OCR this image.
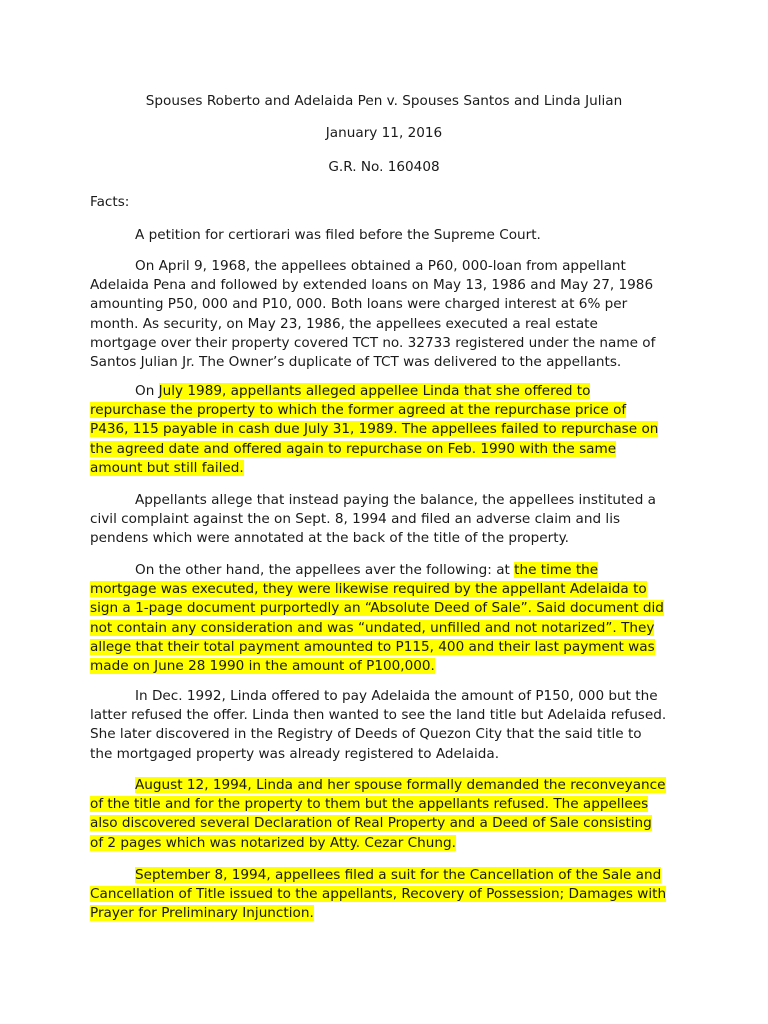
Spouses Roberto and Adelaida Pen v. Spouses Santos and Linda Julian
January 11, 2016
G.R. No. 160408
Facts:
A petition for certiorari was filed before the Supreme Court.
On April 9, 1968, the appellees obtained a P60, 000-loan from appellant
Adelaida Pena and followed by extended loans on May 13, 1986 and May 27, 1986
amounting P50, 000 and P10, 000. Both loans were charged interest at 6% per
month. As security, on May 23, 1986, the appellees executed a real estate
mortgage over their property covered TCT no. 32733 registered under the name of
Santos Julian Jr. The Owner’s duplicate of TCT was delivered to the appellants.
On July 1989, appellants alleged appellee Linda that she offered to
repurchase the property to which the former agreed at the repurchase price of
P436, 115 payable in cash due July 31, 1989. The appellees failed to repurchase on
the agreed date and offered again to repurchase on Feb. 1990 with the same
amount but still failed.
Appellants allege that instead paying the balance, the appellees instituted a
civil complaint against the on Sept. 8, 1994 and filed an adverse claim and lis
pendens which were annotated at the back of the title of the property.
On the other hand, the appellees aver the following: at the time the
mortgage was executed, they were likewise required by the appellant Adelaida to
sign a 1-page document purportedly an “Absolute Deed of Sale”. Said document did
not contain any consideration and was “undated, unfilled and not notarized”. They
allege that their total payment amounted to P115, 400 and their last payment was
made on June 28 1990 in the amount of P100,000.
In Dec. 1992, Linda offered to pay Adelaida the amount of P150, 000 but the
latter refused the offer. Linda then wanted to see the land title but Adelaida refused.
She later discovered in the Registry of Deeds of Quezon City that the said title to
the mortgaged property was already registered to Adelaida.
August 12, 1994, Linda and her spouse formally demanded the reconveyance
of the title and for the property to them but the appellants refused. The appellees
also discovered several Declaration of Real Property and a Deed of Sale consisting
of 2 pages which was notarized by Atty. Cezar Chung.
September 8, 1994, appellees filed a suit for the Cancellation of the Sale and
Cancellation of Title issued to the appellants, Recovery of Possession; Damages with
Prayer for Preliminary Injunction.
